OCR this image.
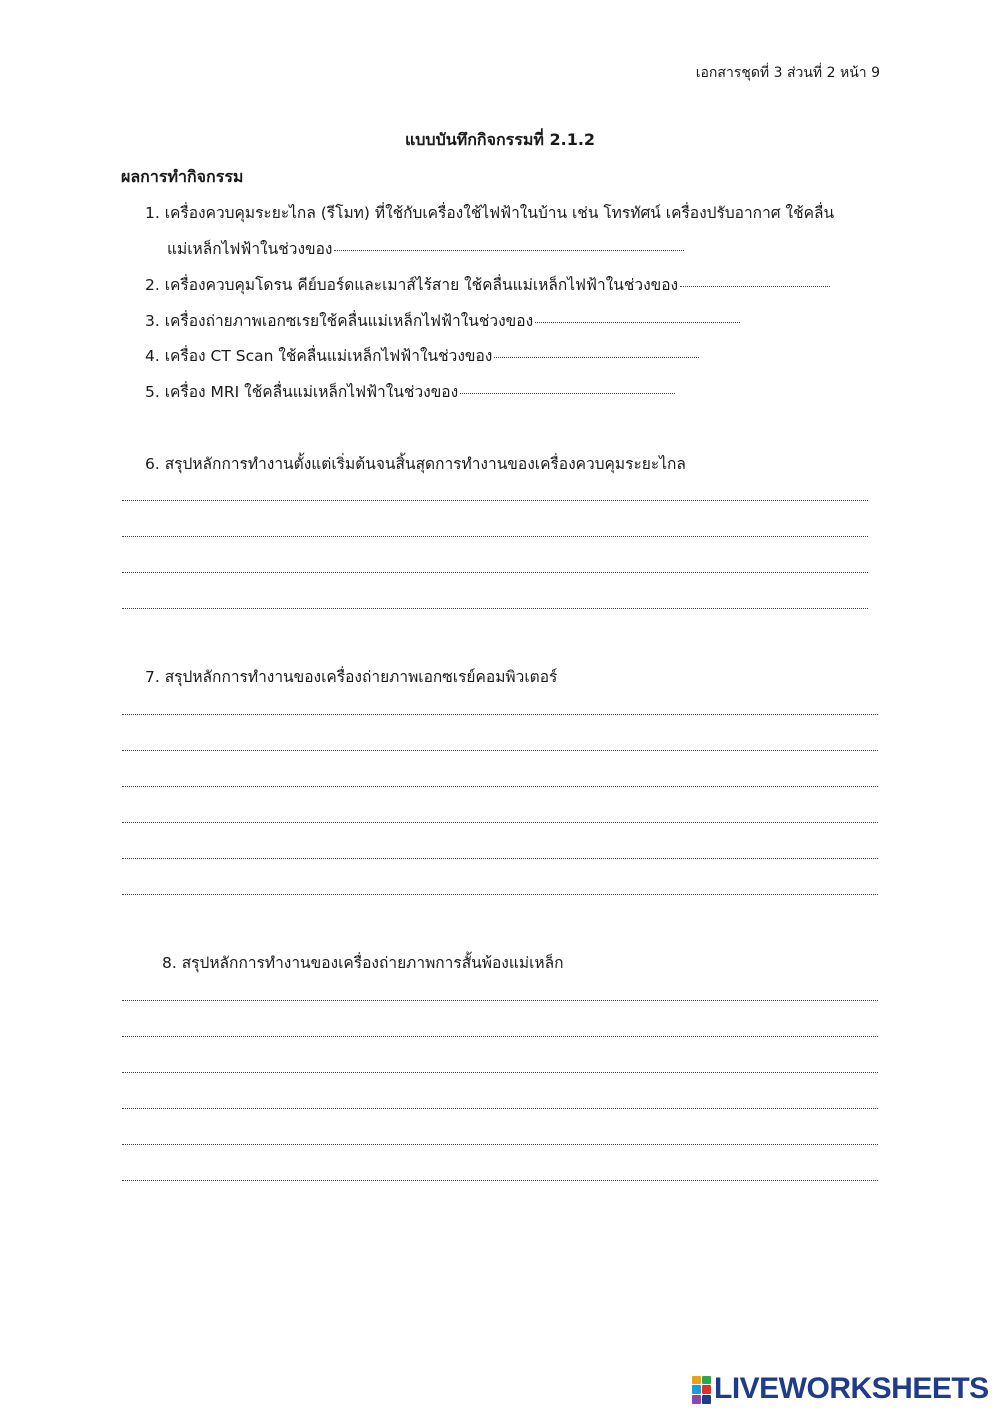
เอกสารชุดที่ 3 ส่วนที่ 2 หน้า 9
แบบบันทึกกิจกรรมที่ 2.1.2
ผลการทำกิจกรรม
1. เครื่องควบคุมระยะไกล (รีโมท) ที่ใช้กับเครื่องใช้ไฟฟ้าในบ้าน เช่น โทรทัศน์ เครื่องปรับอากาศ ใช้คลื่น
แม่เหล็กไฟฟ้าในช่วงของ
2. เครื่องควบคุมโดรน คีย์บอร์ดและเมาส์ไร้สาย ใช้คลื่นแม่เหล็กไฟฟ้าในช่วงของ
3. เครื่องถ่ายภาพเอกซเรยใช้คลื่นแม่เหล็กไฟฟ้าในช่วงของ
4. เครื่อง CT Scan ใช้คลื่นแม่เหล็กไฟฟ้าในช่วงของ
5. เครื่อง MRI ใช้คลื่นแม่เหล็กไฟฟ้าในช่วงของ
6. สรุปหลักการทำงานตั้งแต่เริ่มต้นจนสิ้นสุดการทำงานของเครื่องควบคุมระยะไกล
7. สรุปหลักการทำงานของเครื่องถ่ายภาพเอกซเรย์คอมพิวเตอร์
8. สรุปหลักการทำงานของเครื่องถ่ายภาพการสั้นพ้องแม่เหล็ก
LIVEWORKSHEETS
